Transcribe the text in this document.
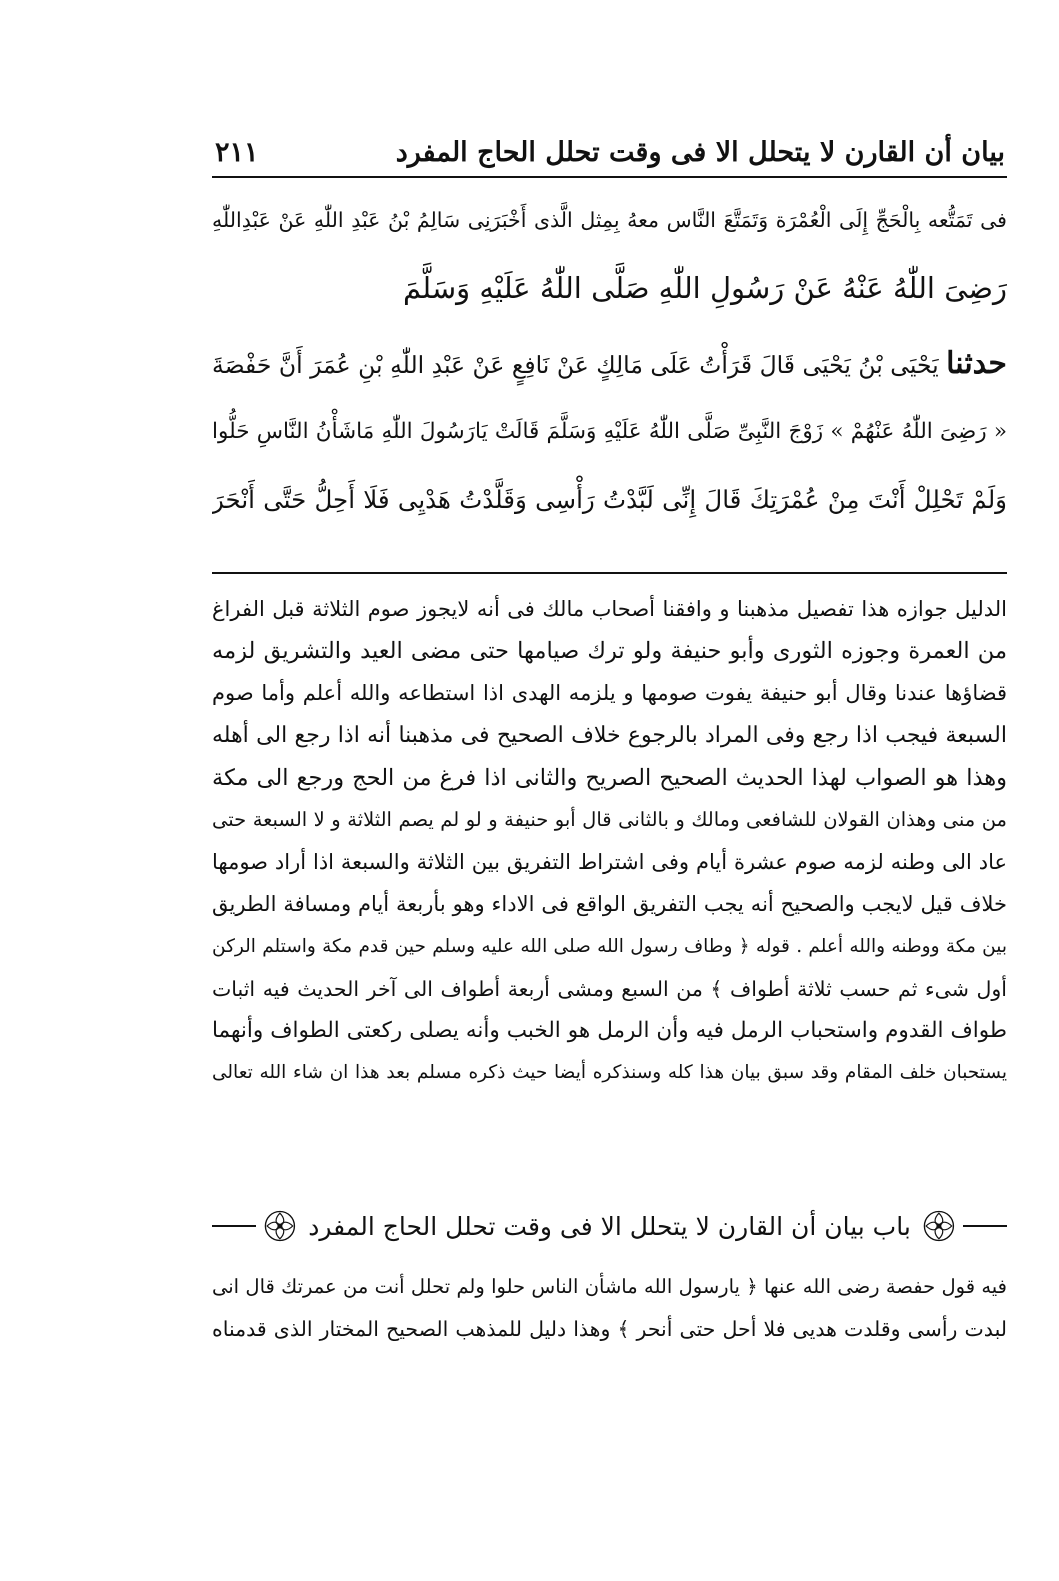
بيان أن القارن لا يتحلل الا فى وقت تحلل الحاج المفرد
٢١١
فى تَمَتُّعه بِالْحَجِّ إِلَى الْعُمْرَة وَتَمَتَّعَ النَّاس معهُ بِمِثل الَّذى أَخْبَرَنِى سَالِمُ بْنُ عَبْدِ اللّٰهِ عَنْ عَبْدِاللّٰهِ
رَضِىَ اللّٰهُ عَنْهُ عَنْ رَسُولِ اللّٰهِ صَلَّى اللّٰهُ عَلَيْهِ وَسَلَّمَ
حدثنا يَحْيَى بْنُ يَحْيَى قَالَ قَرَأْتُ عَلَى مَالِكٍ عَنْ نَافِعٍ عَنْ عَبْدِ اللّٰهِ بْنِ عُمَرَ أَنَّ حَفْصَةَ
« رَضِىَ اللّٰهُ عَنْهُمْ » زَوْجَ النَّبِىِّ صَلَّى اللّٰهُ عَلَيْهِ وَسَلَّمَ قَالَتْ يَارَسُولَ اللّٰهِ مَاشَأْنُ النَّاسِ حَلُّوا
وَلَمْ تَحْلِلْ أَنْتَ مِنْ عُمْرَتِكَ قَالَ إِنِّى لَبَّدْتُ رَأْسِى وَقَلَّدْتُ هَدْيِى فَلَا أَحِلُّ حَتَّى أَنْحَرَ
الدليل جوازه هذا تفصيل مذهبنا و وافقنا أصحاب مالك فى أنه لايجوز صوم الثلاثة قبل الفراغ
من العمرة وجوزه الثورى وأبو حنيفة ولو ترك صيامها حتى مضى العيد والتشريق لزمه
قضاؤها عندنا وقال أبو حنيفة يفوت صومها و يلزمه الهدى اذا استطاعه والله أعلم وأما صوم
السبعة فيجب اذا رجع وفى المراد بالرجوع خلاف الصحيح فى مذهبنا أنه اذا رجع الى أهله
وهذا هو الصواب لهذا الحديث الصحيح الصريح والثانى اذا فرغ من الحج ورجع الى مكة
من منى وهذان القولان للشافعى ومالك و بالثانى قال أبو حنيفة و لو لم يصم الثلاثة و لا السبعة حتى
عاد الى وطنه لزمه صوم عشرة أيام وفى اشتراط التفريق بين الثلاثة والسبعة اذا أراد صومها
خلاف قيل لايجب والصحيح أنه يجب التفريق الواقع فى الاداء وهو بأربعة أيام ومسافة الطريق
بين مكة ووطنه والله أعلم . قوله ﴿ وطاف رسول الله صلى الله عليه وسلم حين قدم مكة واستلم الركن
أول شىء ثم حسب ثلاثة أطواف ﴾ من السبع ومشى أربعة أطواف الى آخر الحديث فيه اثبات
طواف القدوم واستحباب الرمل فيه وأن الرمل هو الخبب وأنه يصلى ركعتى الطواف وأنهما
يستحبان خلف المقام وقد سبق بيان هذا كله وسنذكره أيضا حيث ذكره مسلم بعد هذا ان شاء الله تعالى
باب بيان أن القارن لا يتحلل الا فى وقت تحلل الحاج المفرد
فيه قول حفصة رضى الله عنها ﴿ يارسول الله ماشأن الناس حلوا ولم تحلل أنت من عمرتك قال انى
لبدت رأسى وقلدت هديى فلا أحل حتى أنحر ﴾ وهذا دليل للمذهب الصحيح المختار الذى قدمناه
